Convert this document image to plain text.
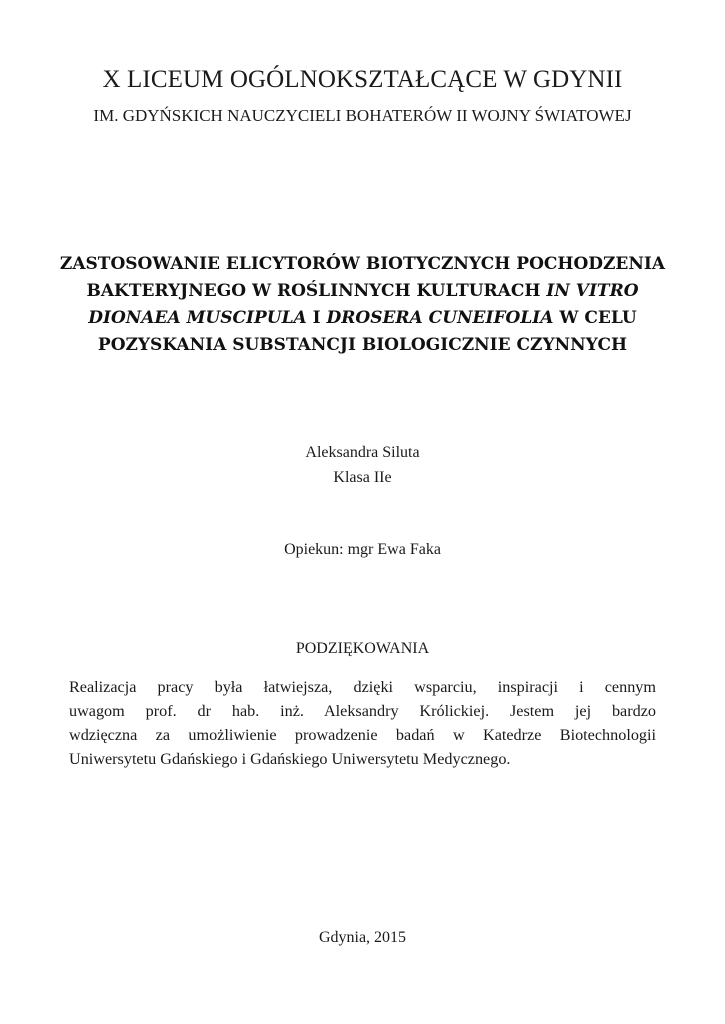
X LICEUM OGÓLNOKSZTAŁCĄCE W GDYNII
IM. GDYŃSKICH NAUCZYCIELI BOHATERÓW II WOJNY ŚWIATOWEJ
ZASTOSOWANIE ELICYTORÓW BIOTYCZNYCH POCHODZENIA
BAKTERYJNEGO W ROŚLINNYCH KULTURACH IN VITRO
DIONAEA MUSCIPULA I DROSERA CUNEIFOLIA W CELU
POZYSKANIA SUBSTANCJI BIOLOGICZNIE CZYNNYCH
Aleksandra Siluta
Klasa IIe
Opiekun: mgr Ewa Faka
PODZIĘKOWANIA
Realizacja pracy była łatwiejsza, dzięki wsparciu, inspiracji i cennym
uwagom prof. dr hab. inż. Aleksandry Królickiej. Jestem jej bardzo
wdzięczna za umożliwienie prowadzenie badań w Katedrze Biotechnologii
Uniwersytetu Gdańskiego i Gdańskiego Uniwersytetu Medycznego.
Gdynia, 2015
